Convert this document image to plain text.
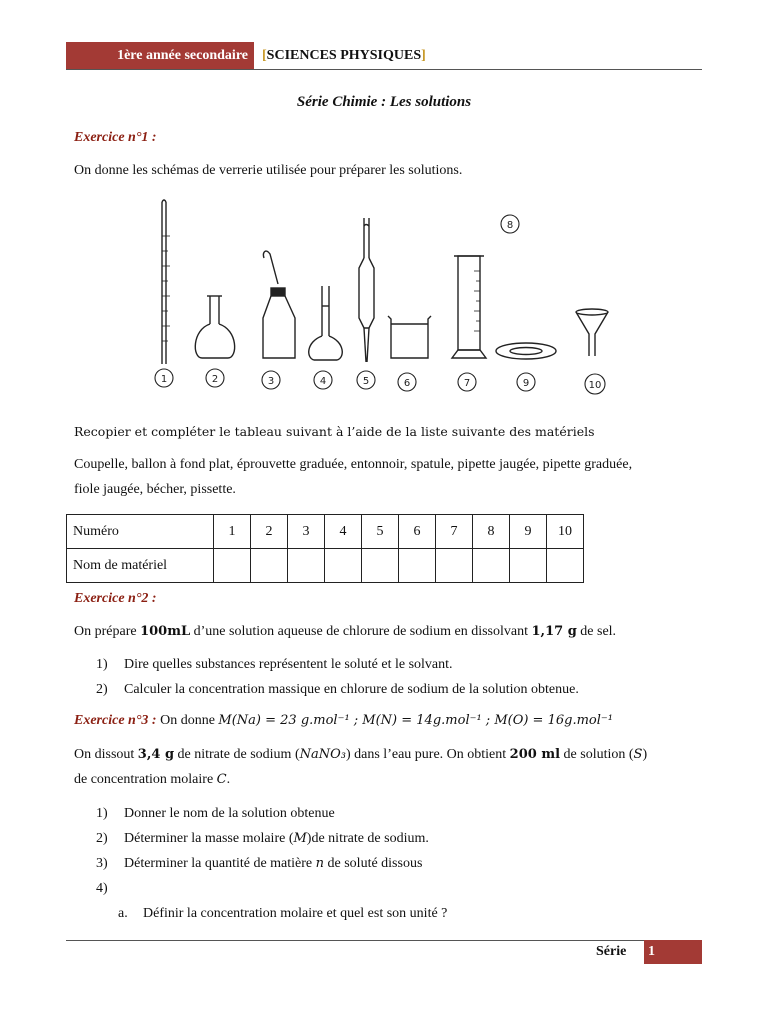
1ère année secondaire	[SCIENCES PHYSIQUES]
Série Chimie : Les solutions
Exercice n°1 :
On donne les schémas de verrerie utilisée pour préparer les solutions.
1	2	3	4	5	6	7
8
9	10
Recopier et compléter le tableau suivant à l’aide de la liste suivante des matériels
Coupelle, ballon à fond plat, éprouvette graduée, entonnoir, spatule, pipette jaugée, pipette graduée,
fiole jaugée, bécher, pissette.
Numéro	1	2	3	4	5	6	7	8	9	10
Nom de matériel										
Exercice n°2 :
On prépare 100mL d’une solution aqueuse de chlorure de sodium en dissolvant 1,17 g de sel.
1) Dire quelles substances représentent le soluté et le solvant.
2) Calculer la concentration massique en chlorure de sodium de la solution obtenue.
Exercice n°3 : On donne M(Na) = 23 g.mol⁻¹ ; M(N) = 14g.mol⁻¹ ; M(O) = 16g.mol⁻¹
On dissout 3,4 g de nitrate de sodium (NaNO₃) dans l’eau pure. On obtient 200 ml de solution (S)
de concentration molaire C.
1) Donner le nom de la solution obtenue
2) Déterminer la masse molaire (M)de nitrate de sodium.
3) Déterminer la quantité de matière n de soluté dissous
4)
a. Définir la concentration molaire et quel est son unité ?
Série 1
